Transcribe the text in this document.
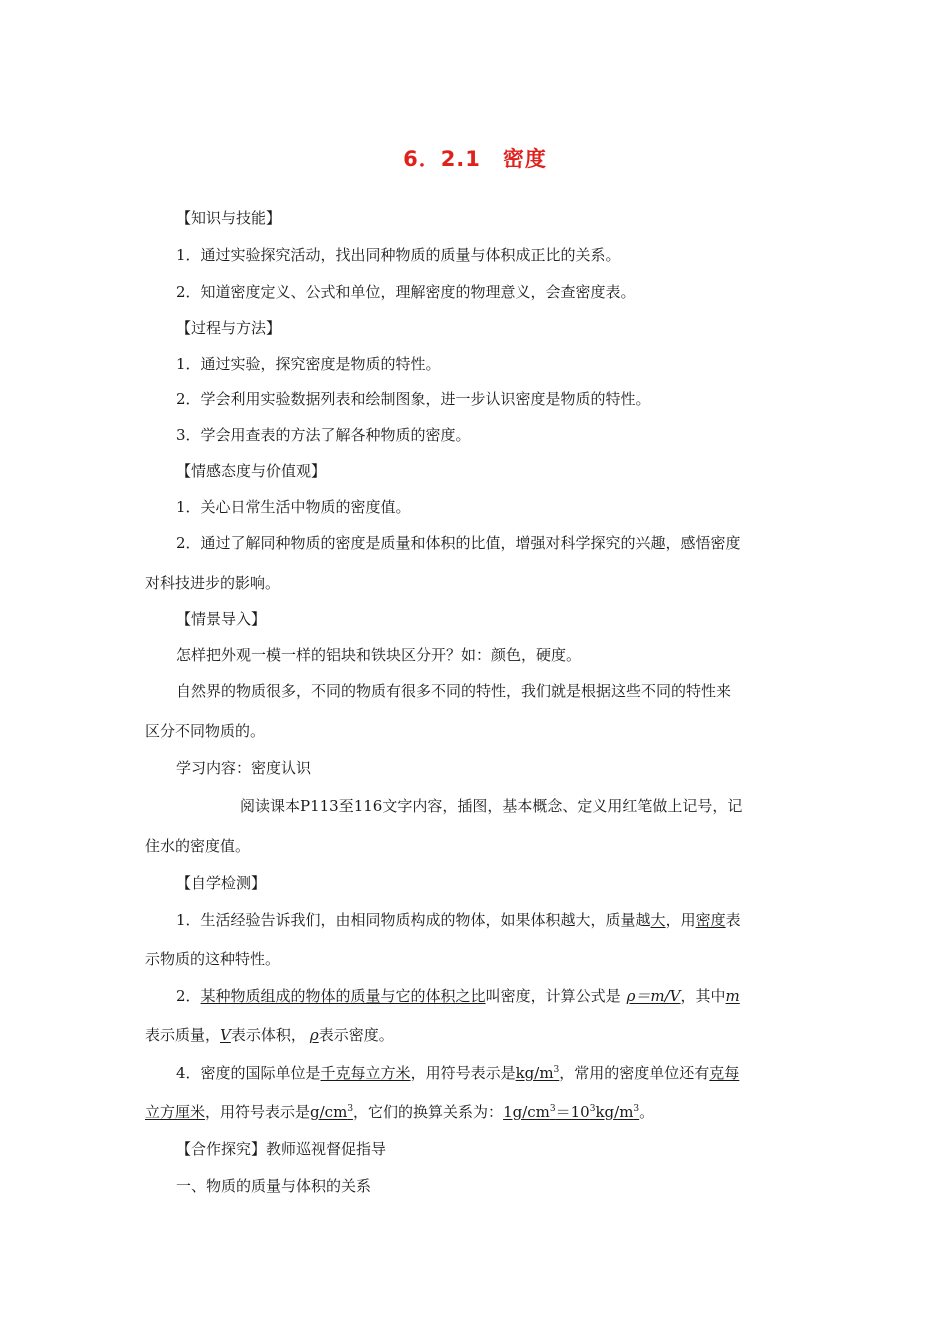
6．2.1　密度
【知识与技能】
1．通过实验探究活动，找出同种物质的质量与体积成正比的关系。
2．知道密度定义、公式和单位，理解密度的物理意义，会查密度表。
【过程与方法】
1．通过实验，探究密度是物质的特性。
2．学会利用实验数据列表和绘制图象，进一步认识密度是物质的特性。
3．学会用查表的方法了解各种物质的密度。
【情感态度与价值观】
1．关心日常生活中物质的密度值。
2．通过了解同种物质的密度是质量和体积的比值，增强对科学探究的兴趣，感悟密度
对科技进步的影响。
【情景导入】
怎样把外观一模一样的铝块和铁块区分开？如：颜色，硬度。
自然界的物质很多，不同的物质有很多不同的特性，我们就是根据这些不同的特性来
区分不同物质的。
学习内容：密度认识
阅读课本P113至116文字内容，插图，基本概念、定义用红笔做上记号，记
住水的密度值。
【自学检测】
1．生活经验告诉我们，由相同物质构成的物体，如果体积越大，质量越大，用密度表
示物质的这种特性。
2．某种物质组成的物体的质量与它的体积之比叫密度，计算公式是 ρ＝m/V，其中m
表示质量，V表示体积， ρ表示密度。
4．密度的国际单位是千克每立方米，用符号表示是$kg/m^3$，常用的密度单位还有克每
立方厘米，用符号表示是$g/cm^3$，它们的换算关系为：$1g/cm^3=10^3kg/m^3$。
【合作探究】教师巡视督促指导
一、物质的质量与体积的关系
